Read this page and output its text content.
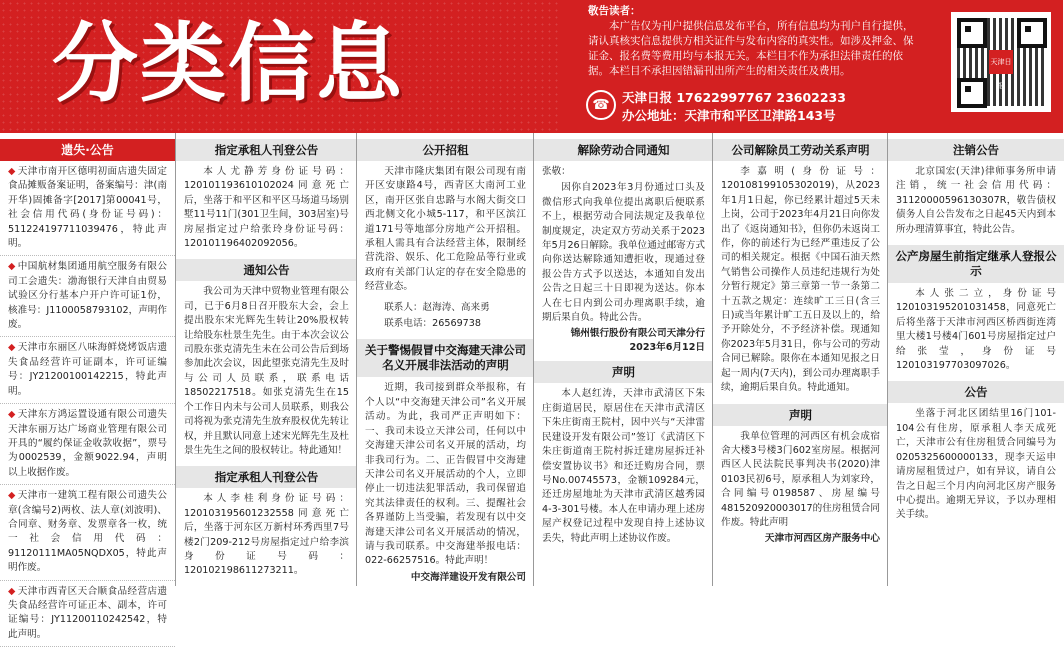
分类信息
敬告读者：
本广告仅为刊户提供信息发布平台，所有信息均为刊户自行提供，请认真核实信息提供方相关证件与发布内容的真实性。如涉及押金、保证金、报名费等费用均与本报无关。本栏目不作为承担法律责任的依据。本栏目不承担因错漏刊出所产生的相关责任及费用。
☎ 天津日报 17622997767 23602233
办公地址：天津市和平区卫津路143号
天津日报
遗失·公告
◆ 天津市南开区德明初面店遗失固定食品摊贩备案证明，备案编号：津(南开华)固摊备字[2017]第00041号，社会信用代码(身份证号码)：511224197711039476，特此声明。
◆ 中国航材集团通用航空服务有限公司工会遗失：渤海银行天津自由贸易试验区分行基本户开户许可证1份，核准号：J1100058793102，声明作废。
◆ 天津市东丽区八味海鲜烧烤饭店遗失食品经营许可证副本，许可证编号：JY21200100142215，特此声明。
◆ 天津东方鸿运置设通有限公司遗失天津东丽万达广场商业管理有限公司开具的“履约保证金收款收据”，票号为0002539，金额9022.94，声明以上收据作废。
◆ 天津市一建筑工程有限公司遗失公章(含编号2)两枚、法人章(刘波明)、合同章、财务章、发票章各一枚，统一社会信用代码：91120111MA05NQDX05，特此声明作废。
◆ 天津市西青区天合顺食品经营店遗失食品经营许可证正本、副本，许可证编号：JY11200110242542，特此声明。
指定承租人刊登公告
本人尤静芳身份证号码：120101193610102024同意死亡后，坐落于和平区和平区马场道马场别墅11号11门(301卫生间，303居室)号房屋指定过户给张玲身份证号码：120101196402092056。
通知公告
我公司为天津中贸物业管理有限公司，已于6月8日召开股东大会，会上提出股东宋光辉先生转让20%股权转让给股东杜景生先生。由于本次会议公司股东张克清先生未在公司公告后到场参加此次会议，因此望张克清先生及时与公司人员联系，联系电话18502217518。如张克清先生在15个工作日内未与公司人员联系，则我公司将视为张克清先生放弃股权优先转让权，并且默认同意上述宋光辉先生及杜景生先生之间的股权转让。特此通知！
指定承租人刊登公告
本人李桂利身份证号码：120103195601232558同意死亡后，坐落于河东区万新村环秀西里7号楼2门209-212号房屋指定过户给李滨身份证号码：120102198611273211。
公开招租
天津市隆庆集团有限公司现有南开区安康路4号，西青区大南河工业区，南开区张自忠路与水阁大街交口西北侧文化小城5-117，和平区滨江道171号等地部分房地产公开招租。承租人需具有合法经营主体，限制经营洗浴、娱乐、化工危险品等行业或政府有关部门认定的存在安全隐患的经营业态。
联系人：赵海涛、高来勇
联系电话：26569738
关于警惕假冒中交海建天津公司名义开展非法活动的声明
近期，我司接到群众举报称，有个人以“中交海建天津公司”名义开展活动。为此，我司严正声明如下：一、我司未设立天津公司，任何以中交海建天津公司名义开展的活动，均非我司行为。二、正告假冒中交海建天津公司名义开展活动的个人，立即停止一切违法犯罪活动，我司保留追究其法律责任的权利。三、提醒社会各界谨防上当受骗，若发现有以中交海建天津公司名义开展活动的情况，请与我司联系。中交海建举报电话：022-66257516。特此声明！
中交海洋建设开发有限公司
解除劳动合同通知
张敬：
因你自2023年3月份通过口头及微信形式向我单位提出离职后便联系不上，根据劳动合同法规定及我单位制度规定，决定双方劳动关系于2023年5月26日解除。我单位通过邮寄方式向你送达解除通知遭拒收，现通过登报公告方式予以送达，本通知自发出公告之日起三十日即视为送达。你本人在七日内到公司办理离职手续，逾期后果自负。特此公告。
锦州银行股份有限公司天津分行
2023年6月12日
声明
本人赵红涛，天津市武清区下朱庄街道居民，原居住在天津市武清区下朱庄街南王院村，因中兴与“天津雷民建设开发有限公司”签订《武清区下朱庄街道南王院村拆迁建房屋拆迁补偿安置协议书》和还迁购房合同，票号No.00745573，金额109284元，还迁房屋地址为天津市武清区越秀园4-3-301号楼。本人在申请办理上述房屋产权登记过程中发现自持上述协议丢失，特此声明上述协议作废。
公司解除员工劳动关系声明
李嘉明(身份证号：120108199105302019)，从2023年1月1日起，你已经累计超过5天未上岗，公司于2023年4月21日向你发出了《返岗通知书》，但你仍未返岗工作，你的前述行为已经严重违反了公司的相关规定。根据《中国石油天然气销售公司操作人员违纪违规行为处分暂行规定》第三章第一节一条第二十五款之规定：连续旷工三日(含三日)或当年累计旷工五日及以上的，给予开除处分，不予经济补偿。现通知你2023年5月31日，你与公司的劳动合同已解除。限你在本通知见报之日起一周内(7天内)，到公司办理离职手续，逾期后果自负。特此通知。
声明
我单位管理的河西区有机会成宿舍大楼3号楼3门602室房屋。根据河西区人民法院民事判决书(2020)津0103民初6号，原承租人为刘家玲，合同编号0198587、房屋编号481520920003017的住房租赁合同作废。特此声明
天津市河西区房产服务中心
注销公告
北京国宏(天津)律师事务所申请注销，统一社会信用代码：31120000596130307R，敬告债权债务人自公告发布之日起45天内到本所办理清算事宜，特此公告。
公产房屋生前指定继承人登报公示
本人张二立，身份证号120103195201031458，同意死亡后将坐落于天津市河西区桥西街连湾里大楼1号楼4门601号房屋指定过户给张莹，身份证号120103197703097026。
公告
坐落于河北区团结里16门101-104公有住房，原承租人李天成死亡，天津市公有住房租赁合同编号为0205325600000133，现李天运申请房屋租赁过户，如有异议，请自公告之日起三个月内向河北区房产服务中心提出。逾期无异议，予以办理相关手续。
